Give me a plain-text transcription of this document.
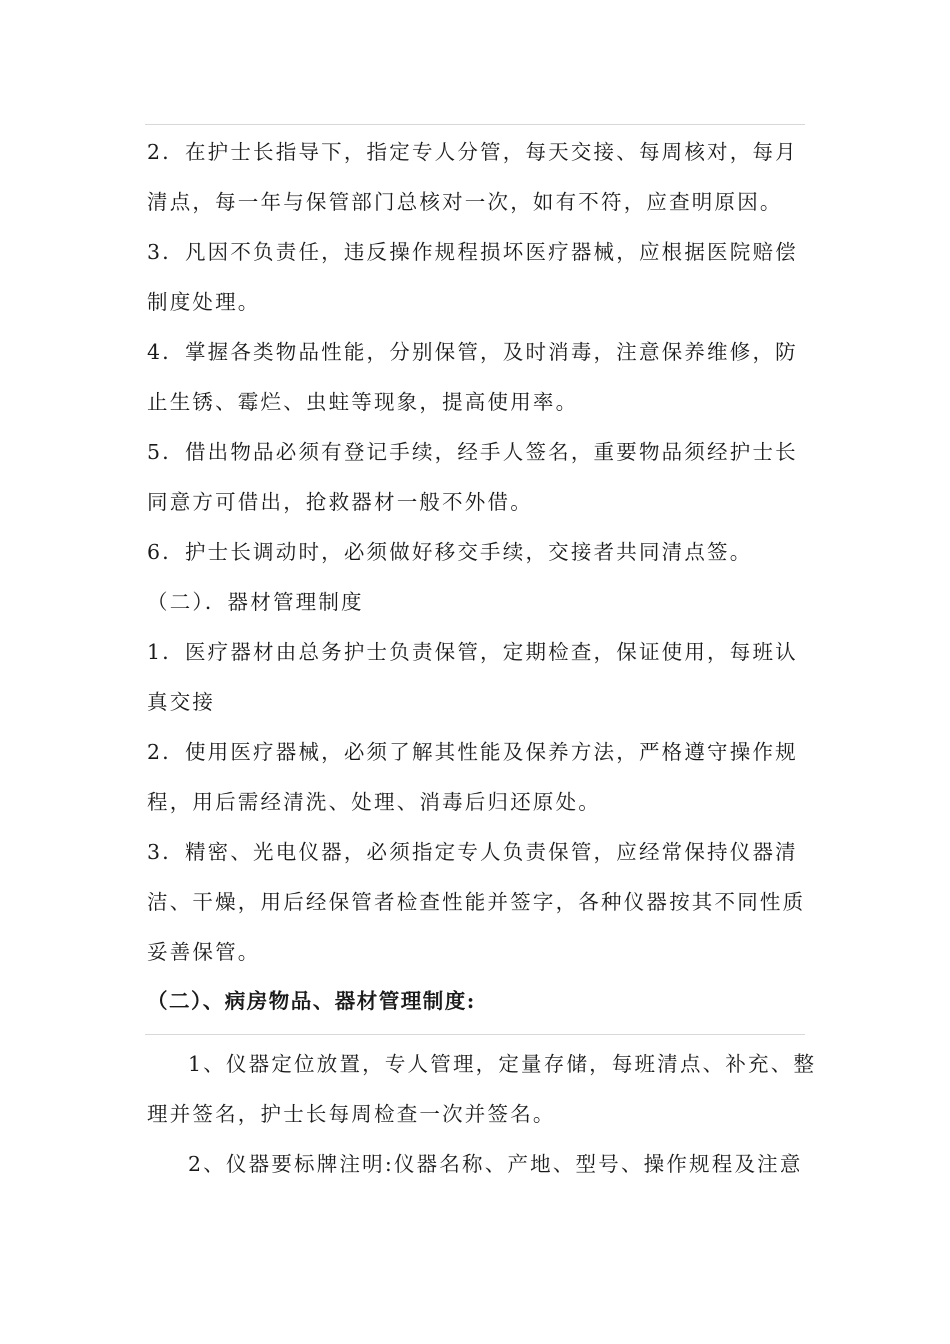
2．在护士长指导下，指定专人分管，每天交接、每周核对，每月
清点，每一年与保管部门总核对一次，如有不符，应查明原因。
3．凡因不负责任，违反操作规程损坏医疗器械，应根据医院赔偿
制度处理。
4．掌握各类物品性能，分别保管，及时消毒，注意保养维修，防
止生锈、霉烂、虫蛀等现象，提高使用率。
5．借出物品必须有登记手续，经手人签名，重要物品须经护士长
同意方可借出，抢救器材一般不外借。
6．护士长调动时，必须做好移交手续，交接者共同清点签。
（二）．器材管理制度
1．医疗器材由总务护士负责保管，定期检查，保证使用，每班认
真交接
2．使用医疗器械，必须了解其性能及保养方法，严格遵守操作规
程，用后需经清洗、处理、消毒后归还原处。
3．精密、光电仪器，必须指定专人负责保管，应经常保持仪器清
洁、干燥，用后经保管者检查性能并签字，各种仪器按其不同性质
妥善保管。
（二）、病房物品、器材管理制度:
1、仪器定位放置，专人管理，定量存储，每班清点、补充、整
理并签名，护士长每周检查一次并签名。
2、仪器要标牌注明:仪器名称、产地、型号、操作规程及注意
